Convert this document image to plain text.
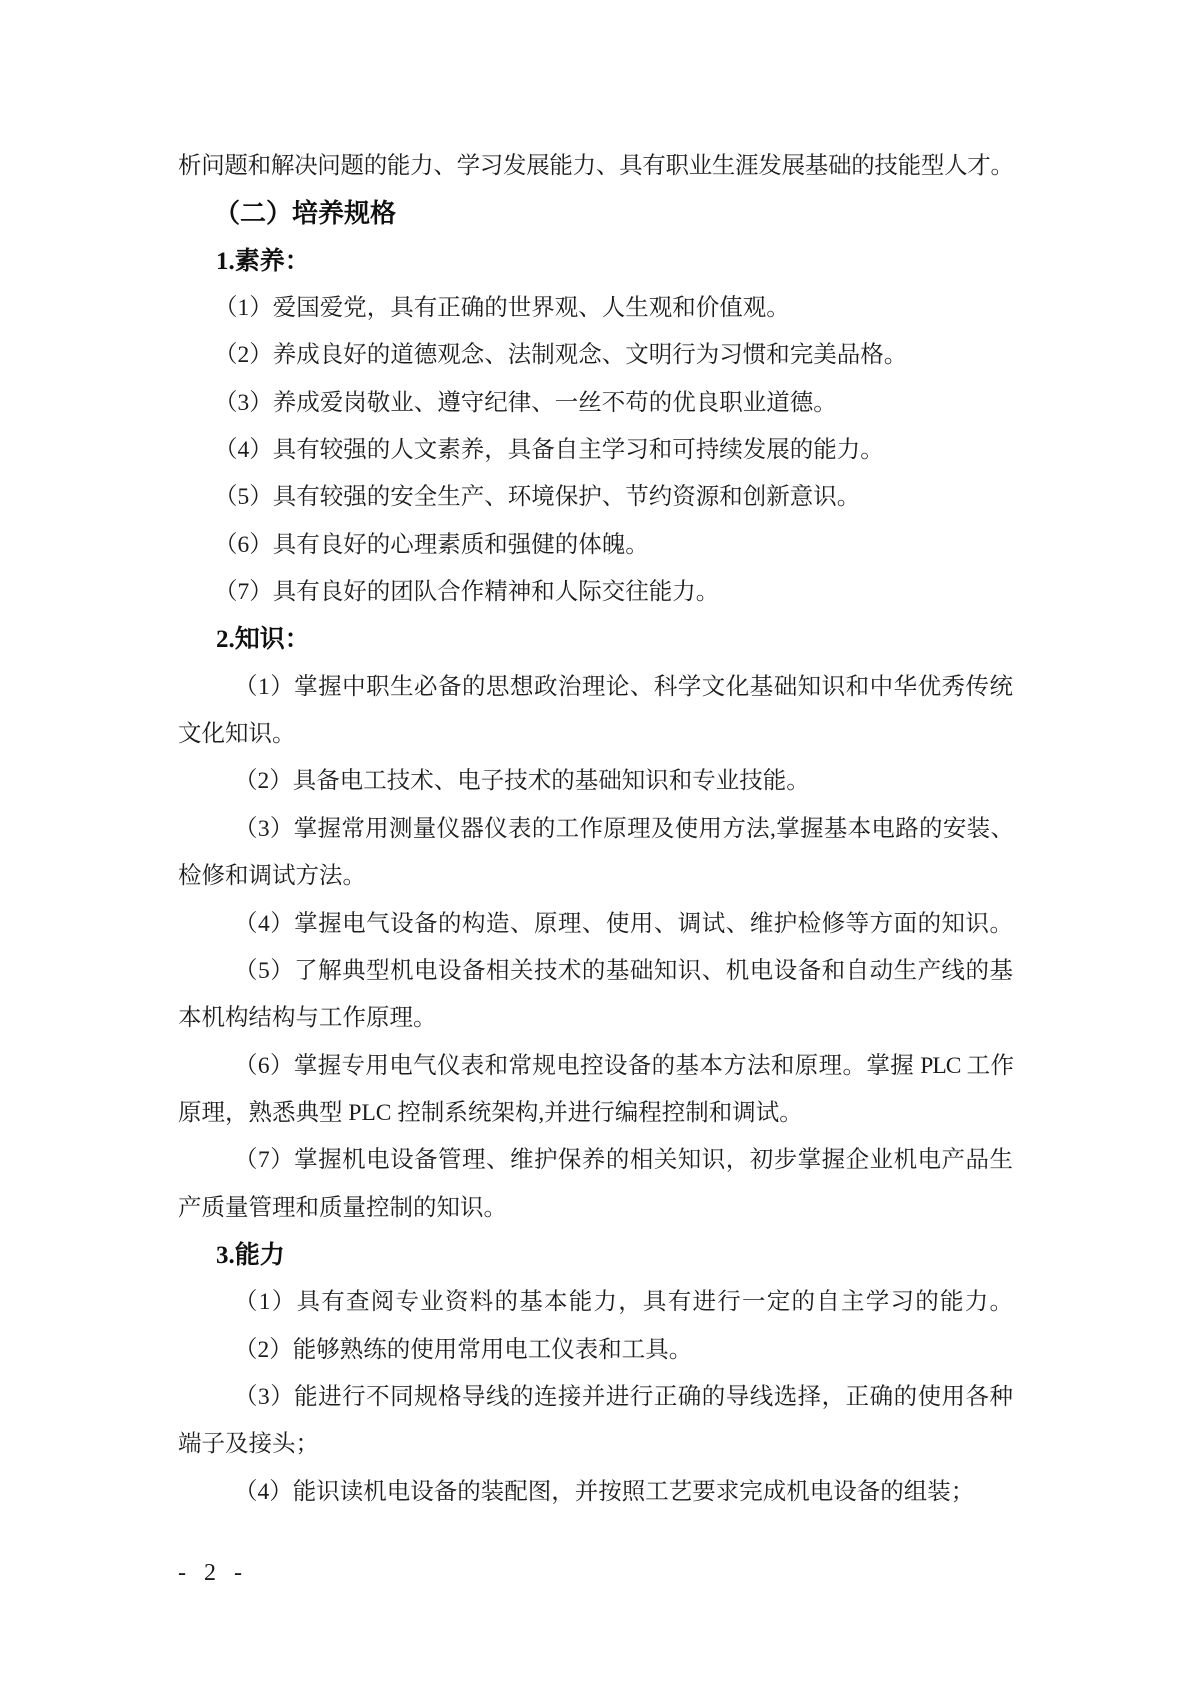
析问题和解决问题的能力、学习发展能力、具有职业生涯发展基础的技能型人才。
（二）培养规格
1.素养：
（1）爱国爱党，具有正确的世界观、人生观和价值观。
（2）养成良好的道德观念、法制观念、文明行为习惯和完美品格。
（3）养成爱岗敬业、遵守纪律、一丝不苟的优良职业道德。
（4）具有较强的人文素养，具备自主学习和可持续发展的能力。
（5）具有较强的安全生产、环境保护、节约资源和创新意识。
（6）具有良好的心理素质和强健的体魄。
（7）具有良好的团队合作精神和人际交往能力。
2.知识：
（1）掌握中职生必备的思想政治理论、科学文化基础知识和中华优秀传统
文化知识。
（2）具备电工技术、电子技术的基础知识和专业技能。
（3）掌握常用测量仪器仪表的工作原理及使用方法,掌握基本电路的安装、
检修和调试方法。
（4）掌握电气设备的构造、原理、使用、调试、维护检修等方面的知识。
（5）了解典型机电设备相关技术的基础知识、机电设备和自动生产线的基
本机构结构与工作原理。
（6）掌握专用电气仪表和常规电控设备的基本方法和原理。掌握 PLC 工作
原理，熟悉典型 PLC 控制系统架构,并进行编程控制和调试。
（7）掌握机电设备管理、维护保养的相关知识，初步掌握企业机电产品生
产质量管理和质量控制的知识。
3.能力
（1）具有查阅专业资料的基本能力，具有进行一定的自主学习的能力。
（2）能够熟练的使用常用电工仪表和工具。
（3）能进行不同规格导线的连接并进行正确的导线选择，正确的使用各种
端子及接头；
（4）能识读机电设备的装配图，并按照工艺要求完成机电设备的组装；
- 2 -
